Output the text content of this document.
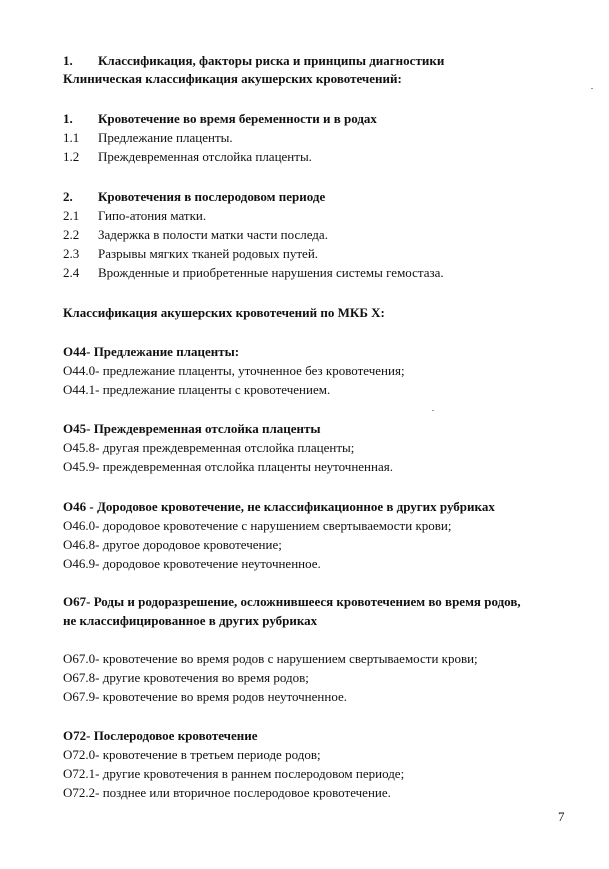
1. Классификация, факторы риска и принципы диагностики
Клиническая классификация акушерских кровотечений:
1. Кровотечение во время беременности и в родах
1.1 Предлежание плаценты.
1.2 Преждевременная отслойка плаценты.
2. Кровотечения в послеродовом периоде
2.1 Гипо-атония матки.
2.2 Задержка в полости матки части последа.
2.3 Разрывы мягких тканей родовых путей.
2.4 Врожденные и приобретенные нарушения системы гемостаза.
Классификация акушерских кровотечений по МКБ Х:
О44- Предлежание плаценты:
О44.0- предлежание плаценты, уточненное без кровотечения;
О44.1- предлежание плаценты с кровотечением.
О45- Преждевременная отслойка плаценты
О45.8- другая преждевременная отслойка плаценты;
О45.9- преждевременная отслойка плаценты неуточненная.
О46 - Дородовое кровотечение, не классификационное в других рубриках
О46.0- дородовое кровотечение с нарушением свертываемости крови;
О46.8- другое дородовое кровотечение;
О46.9- дородовое кровотечение неуточненное.
О67- Роды и родоразрешение, осложнившееся кровотечением во время родов,
не классифицированное в других рубриках
О67.0- кровотечение во время родов с нарушением свертываемости крови;
О67.8- другие кровотечения во время родов;
О67.9- кровотечение во время родов неуточненное.
О72- Послеродовое кровотечение
О72.0- кровотечение в третьем периоде родов;
О72.1- другие кровотечения в раннем послеродовом периоде;
О72.2- позднее или вторичное послеродовое кровотечение.
7
